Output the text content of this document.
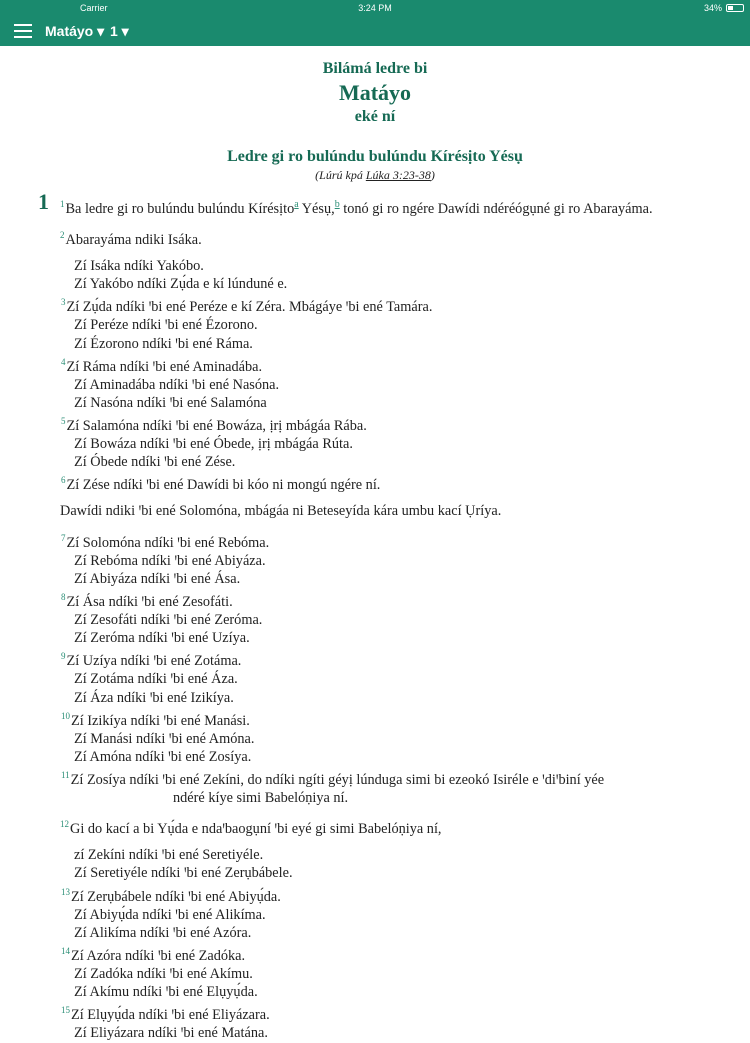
Carrier	3:24 PM	34%
Matáyo ▾ 1 ▾
Bilámá ledre bi
Matáyo
eké ní
Ledre gi ro bulúndu bulúndu Kírésịto Yésụ
(Lúrú kpá Lúka 3:23-38)
1 $^1$Ba ledre gi ro bulúndu bulúndu Kírésịto$^a$ Yésụ,$^b$ tonó gi ro ngére Dawídi ndéréógụné gi ro Abarayáma.
$^2$Abarayáma ndiki Isáka.
Zí Isáka ndíki Yakóbo.
Zí Yakóbo ndíki Zụ́da e kí lúnduné e.
$^3$Zí Zụ́da ndíki ꞌbi ené Peréze e kí Zéra. Mbágáye ꞌbi ené Tamára.
Zí Peréze ndíki ꞌbi ené Ézorono.
Zí Ézorono ndíki ꞌbi ené Ráma.
$^4$Zí Ráma ndíki ꞌbi ené Aminadába.
Zí Aminadába ndíki ꞌbi ené Nasóna.
Zí Nasóna ndíki ꞌbi ené Salamóna
$^5$Zí Salamóna ndíki ꞌbi ené Bowáza, ịrị mbágáa Rába.
Zí Bowáza ndíki ꞌbi ené Óbede, ịrị mbágáa Rúta.
Zí Óbede ndíki ꞌbi ené Zése.
$^6$Zí Zése ndíki ꞌbi ené Dawídi bi kóo ni mongú ngére ní.
Dawídi ndiki ꞌbi ené Solomóna, mbágáa ni Beteseyída kára umbu kací Ụríya.
$^7$Zí Solomóna ndíki ꞌbi ené Rebóma.
Zí Rebóma ndíki ꞌbi ené Abiyáza.
Zí Abiyáza ndíki ꞌbi ené Ása.
$^8$Zí Ása ndíki ꞌbi ené Zesofáti.
Zí Zesofáti ndíki ꞌbi ené Zeróma.
Zí Zeróma ndíki ꞌbi ené Uzíya.
$^9$Zí Uzíya ndíki ꞌbi ené Zotáma.
Zí Zotáma ndíki ꞌbi ené Áza.
Zí Áza ndíki ꞌbi ené Izikíya.
$^{10}$Zí Izikíya ndíki ꞌbi ené Manási.
Zí Manási ndíki ꞌbi ené Amóna.
Zí Amóna ndíki ꞌbi ené Zosíya.
$^{11}$Zí Zosíya ndíki ꞌbi ené Zekíni, do ndíki ngíti géyị lúnduga simi bi ezeokó Isiréle e ꞌdiꞌbiní yée
ndéré kíye simi Babelóṇiya ní.
$^{12}$Gi do kací a bi Yụ́da e ndaꞌbaogụní ꞌbi eyé gi simi Babelóṇiya ní,
zí Zekíni ndíki ꞌbi ené Seretiyéle.
Zí Seretiyéle ndíki ꞌbi ené Zerụbábele.
$^{13}$Zí Zerụbábele ndíki ꞌbi ené Abiyụ́da.
Zí Abiyụ́da ndíki ꞌbi ené Alikíma.
Zí Alikíma ndíki ꞌbi ené Azóra.
$^{14}$Zí Azóra ndíki ꞌbi ené Zadóka.
Zí Zadóka ndíki ꞌbi ené Akímu.
Zí Akímu ndíki ꞌbi ené Elụyụ́da.
$^{15}$Zí Elụyụ́da ndíki ꞌbi ené Eliyázara.
Zí Eliyázara ndíki ꞌbi ené Matána.
